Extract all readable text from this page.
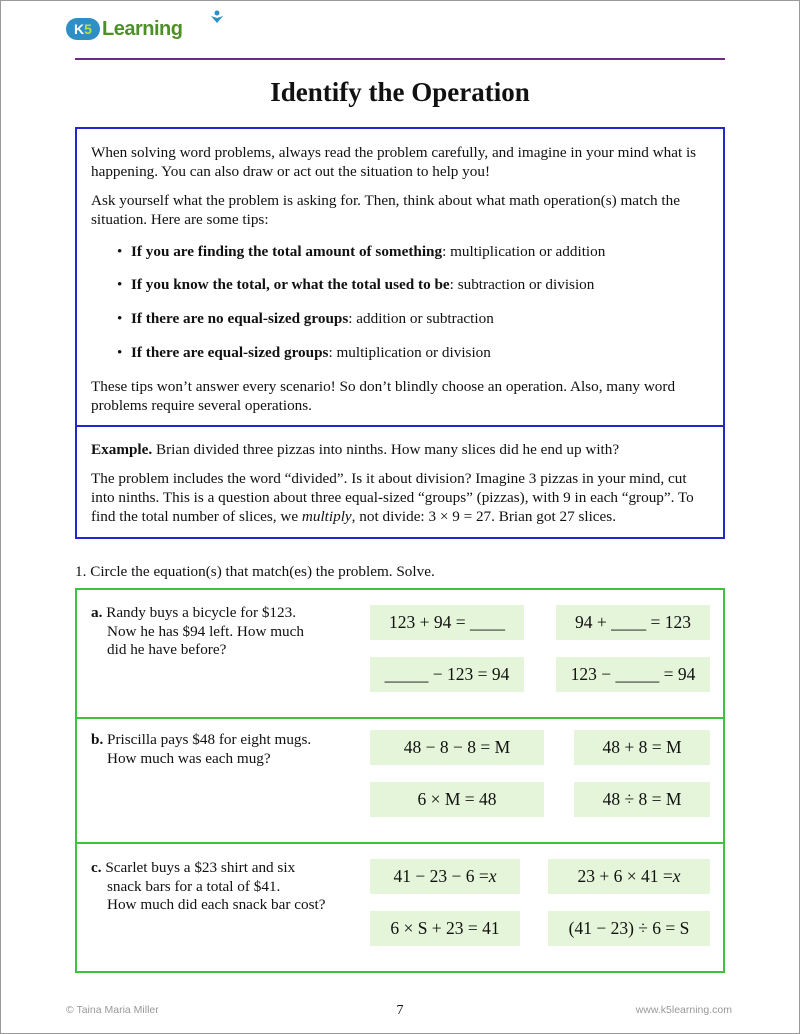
K 5 Learning
Identify the Operation

When solving word problems, always read the problem carefully, and imagine in your mind what is happening. You can also draw or act out the situation to help you!

Ask yourself what the problem is asking for. Then, think about what math operation(s) match the situation. Here are some tips:

• If you are finding the total amount of something: multiplication or addition
• If you know the total, or what the total used to be: subtraction or division
• If there are no equal-sized groups: addition or subtraction
• If there are equal-sized groups: multiplication or division

These tips won’t answer every scenario! So don’t blindly choose an operation. Also, many word problems require several operations.

Example. Brian divided three pizzas into ninths. How many slices did he end up with?

The problem includes the word “divided”. Is it about division? Imagine 3 pizzas in your mind, cut into ninths. This is a question about three equal-sized “groups” (pizzas), with 9 in each “group”. To find the total number of slices, we multiply, not divide: 3 × 9 = 27. Brian got 27 slices.

1. Circle the equation(s) that match(es) the problem. Solve.
a. Randy buys a bicycle for $123.
Now he has $94 left. How much
did he have before?
123 + 94 = ____	94 + ____ = 123
_____ − 123 = 94	123 − _____ = 94
b. Priscilla pays $48 for eight mugs.
How much was each mug?
48 − 8 − 8 = M	48 + 8 = M
6 × M = 48	48 ÷ 8 = M
c. Scarlet buys a $23 shirt and six
snack bars for a total of $41.
How much did each snack bar cost?
41 − 23 − 6 = x	23 + 6 × 41 = x
6 × S + 23 = 41	(41 − 23) ÷ 6 = S
© Taina Maria Miller	7	www.k5learning.com
